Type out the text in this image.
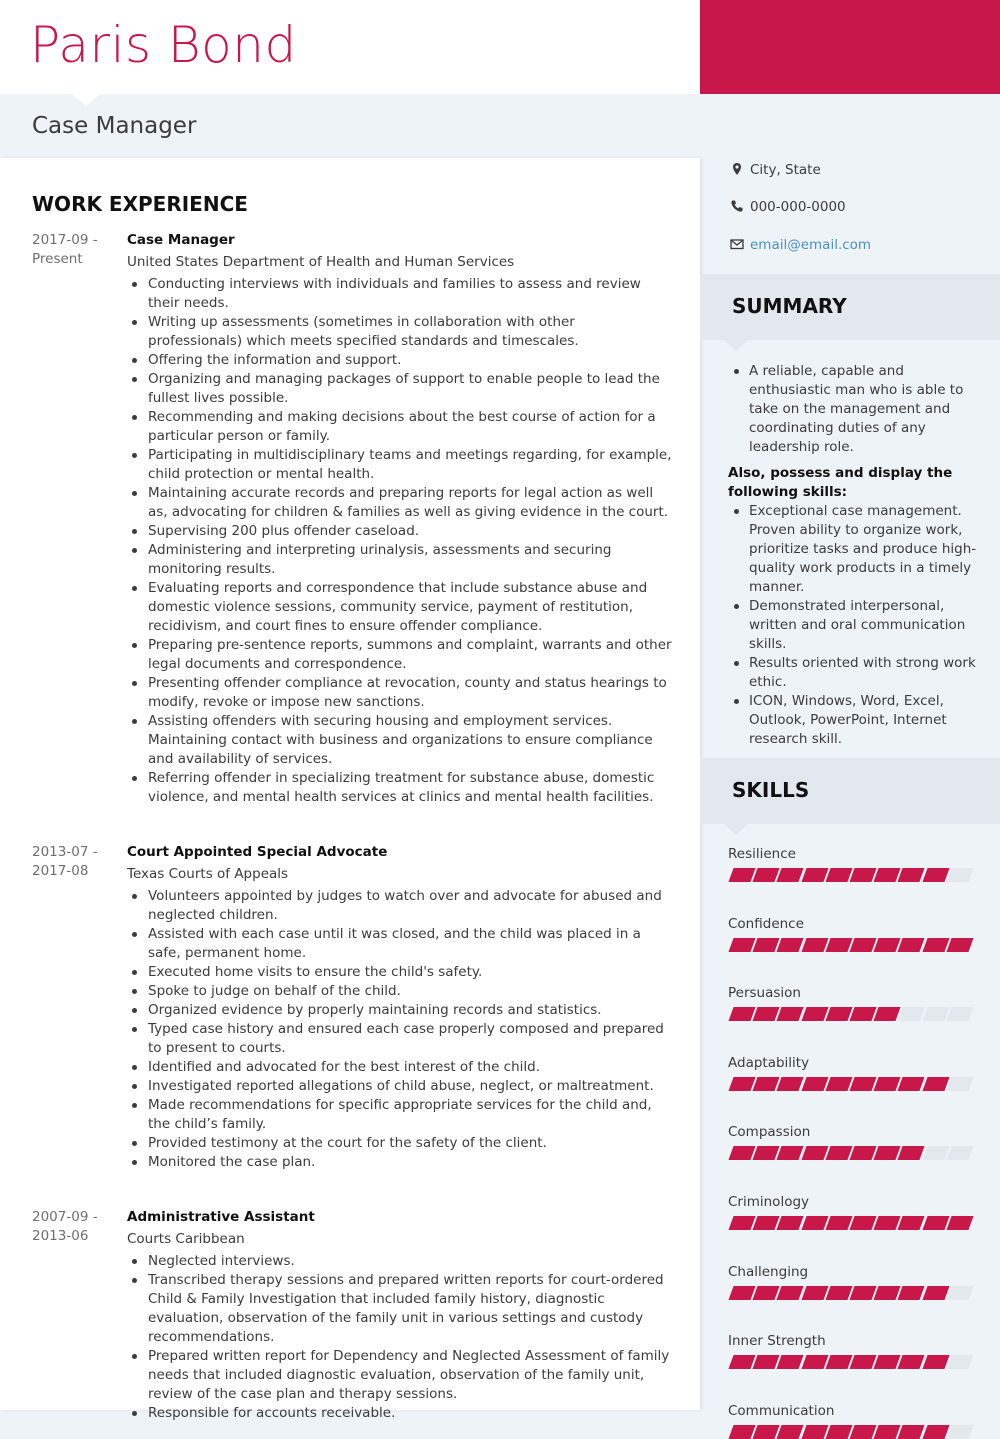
Paris Bond
Case Manager
WORK EXPERIENCE
2017-09 -
Present
Case Manager
United States Department of Health and Human Services
Conducting interviews with individuals and families to assess and review their needs.
Writing up assessments (sometimes in collaboration with other professionals) which meets specified standards and timescales.
Offering the information and support.
Organizing and managing packages of support to enable people to lead the fullest lives possible.
Recommending and making decisions about the best course of action for a particular person or family.
Participating in multidisciplinary teams and meetings regarding, for example, child protection or mental health.
Maintaining accurate records and preparing reports for legal action as well as, advocating for children & families as well as giving evidence in the court.
Supervising 200 plus offender caseload.
Administering and interpreting urinalysis, assessments and securing monitoring results.
Evaluating reports and correspondence that include substance abuse and domestic violence sessions, community service, payment of restitution, recidivism, and court fines to ensure offender compliance.
Preparing pre-sentence reports, summons and complaint, warrants and other legal documents and correspondence.
Presenting offender compliance at revocation, county and status hearings to modify, revoke or impose new sanctions.
Assisting offenders with securing housing and employment services. Maintaining contact with business and organizations to ensure compliance and availability of services.
Referring offender in specializing treatment for substance abuse, domestic violence, and mental health services at clinics and mental health facilities.
2013-07 -
2017-08
Court Appointed Special Advocate
Texas Courts of Appeals
Volunteers appointed by judges to watch over and advocate for abused and neglected children.
Assisted with each case until it was closed, and the child was placed in a safe, permanent home.
Executed home visits to ensure the child's safety.
Spoke to judge on behalf of the child.
Organized evidence by properly maintaining records and statistics.
Typed case history and ensured each case properly composed and prepared to present to courts.
Identified and advocated for the best interest of the child.
Investigated reported allegations of child abuse, neglect, or maltreatment.
Made recommendations for specific appropriate services for the child and, the child’s family.
Provided testimony at the court for the safety of the client.
Monitored the case plan.
2007-09 -
2013-06
Administrative Assistant
Courts Caribbean
Neglected interviews.
Transcribed therapy sessions and prepared written reports for court-ordered Child & Family Investigation that included family history, diagnostic evaluation, observation of the family unit in various settings and custody recommendations.
Prepared written report for Dependency and Neglected Assessment of family needs that included diagnostic evaluation, observation of the family unit, review of the case plan and therapy sessions.
Responsible for accounts receivable.
City, State
000-000-0000
email@email.com
SUMMARY
A reliable, capable and enthusiastic man who is able to take on the management and coordinating duties of any leadership role.
Also, possess and display the following skills:
Exceptional case management. Proven ability to organize work, prioritize tasks and produce high-quality work products in a timely manner.
Demonstrated interpersonal, written and oral communication skills.
Results oriented with strong work ethic.
ICON, Windows, Word, Excel, Outlook, PowerPoint, Internet research skill.
SKILLS
Resilience
Confidence
Persuasion
Adaptability
Compassion
Criminology
Challenging
Inner Strength
Communication
